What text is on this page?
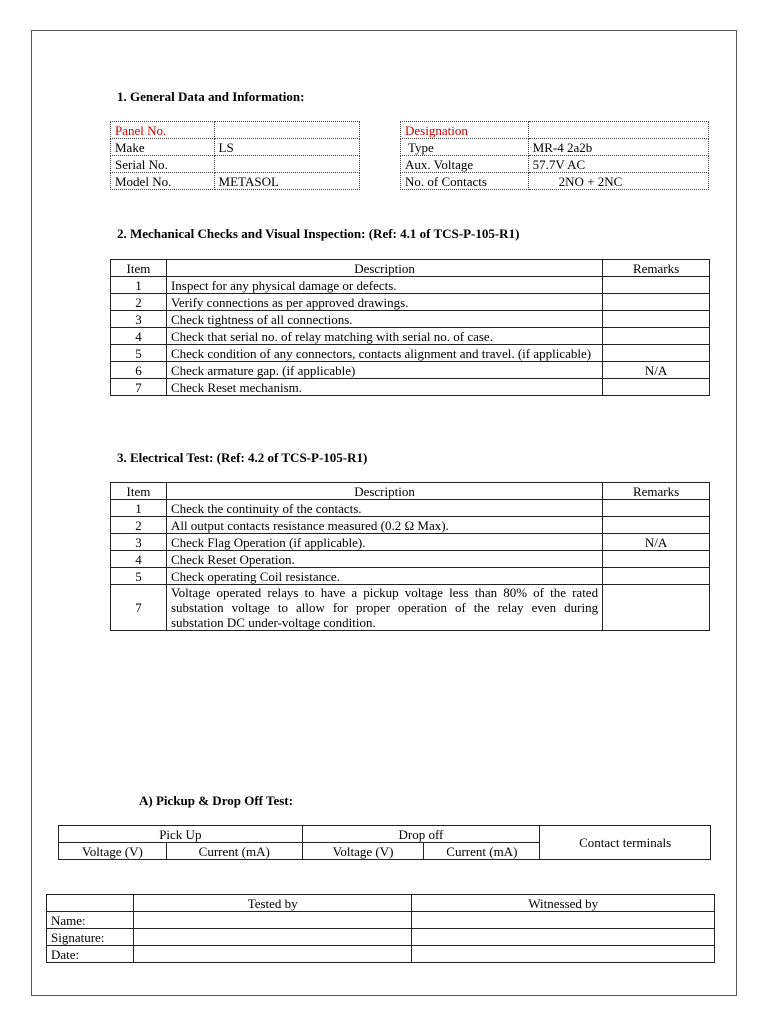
1. General Data and Information:
Panel No.	
Make	LS
Serial No.	
Model No.	METASOL
Designation	
Type	MR-4 2a2b
Aux. Voltage	57.7V AC
No. of Contacts	2NO + 2NC
2. Mechanical Checks and Visual Inspection: (Ref: 4.1 of TCS-P-105-R1)
Item	Description	Remarks
1	Inspect for any physical damage or defects.	
2	Verify connections as per approved drawings.	
3	Check tightness of all connections.	
4	Check that serial no. of relay matching with serial no. of case.	
5	Check condition of any connectors, contacts alignment and travel. (if applicable)	
6	Check armature gap. (if applicable)	N/A
7	Check Reset mechanism.	
3. Electrical Test: (Ref: 4.2 of TCS-P-105-R1)
Item	Description	Remarks
1	Check the continuity of the contacts.	
2	All output contacts resistance measured (0.2 Ω Max).	
3	Check Flag Operation (if applicable).	N/A
4	Check Reset Operation.	
5	Check operating Coil resistance.	
7	Voltage operated relays to have a pickup voltage less than 80% of the rated substation voltage to allow for proper operation of the relay even during substation DC under-voltage condition.	
A) Pickup & Drop Off Test:
Pick Up		Drop off		Contact terminals
Voltage (V)	Current (mA)	Voltage (V)	Current (mA)	
	Tested by	Witnessed by
Name:		
Signature:		
Date:		
